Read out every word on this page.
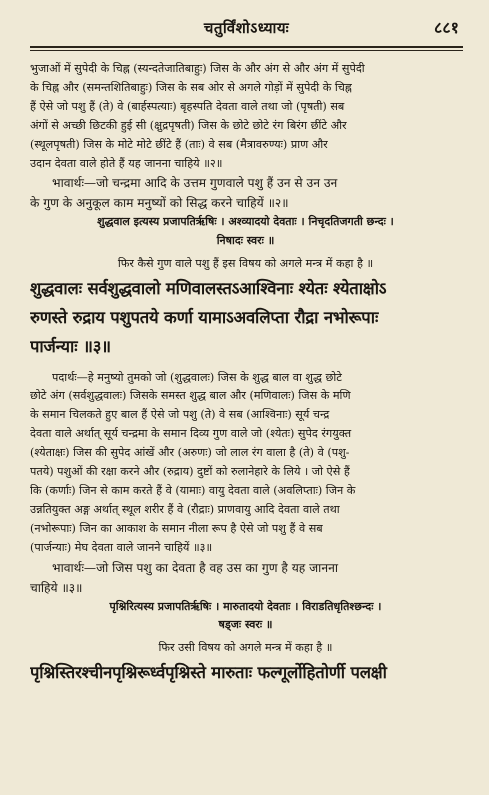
चतुर्विंशोऽध्यायः	८८१
भुजाओं में सुपेदी के चिह्न (स्यन्दतेजातिबाहुः) जिस के और अंग से और अंग में सुपेदी
के चिह्न और (समन्तशितिबाहुः) जिस के सब ओर से अगले गोड़ों में सुपेदी के चिह्न
हैं ऐसे जो पशु हैं (ते) वे (बार्हस्पत्याः) बृहस्पति देवता वाले तथा जो (पृषती) सब
अंगों से अच्छी छिटकी हुई सी (क्षुद्रपृषती) जिस के छोटे छोटे रंग बिरंग छींटे और
(स्थूलपृषती) जिस के मोटे मोटे छींटे हैं (ताः) वे सब (मैत्रावरुण्यः) प्राण और
उदान देवता वाले होते हैं यह जानना चाहिये ॥२॥
भावार्थः—जो चन्द्रमा आदि के उत्तम गुणवाले पशु हैं उन से उन उन
के गुण के अनुकूल काम मनुष्यों को सिद्ध करने चाहियें ॥२॥
शुद्धवाल इत्यस्य प्रजापतिर्ऋषिः । अश्व्यादयो देवताः । निचृदतिजगती छन्दः ।
निषादः स्वरः ॥
फिर कैसे गुण वाले पशु हैं इस विषय को अगले मन्त्र में कहा है ॥
शुद्धवालः सर्वशुद्धवालो मणिवालस्तऽआश्विनाः श्येतः श्येताक्षोऽ
रुणस्ते रुद्राय पशुपतये कर्णा यामाऽअवलिप्ता रौद्रा नभोरूपाः
पार्जन्याः ॥३॥
पदार्थः—हे मनुष्यो तुमको जो (शुद्धवालः) जिस के शुद्ध बाल वा शुद्ध छोटे
छोटे अंग (सर्वशुद्धवालः) जिसके समस्त शुद्ध बाल और (मणिवालः) जिस के मणि
के समान चिलकते हुए बाल हैं ऐसे जो पशु (ते) वे सब (आश्विनाः) सूर्य चन्द्र
देवता वाले अर्थात् सूर्य चन्द्रमा के समान दिव्य गुण वाले जो (श्येतः) सुपेद रंगयुक्त
(श्येताक्षः) जिस की सुपेद आंखें और (अरुणः) जो लाल रंग वाला है (ते) वे (पशु-
पतये) पशुओं की रक्षा करने और (रुद्राय) दुष्टों को रुलानेहारे के लिये । जो ऐसे हैं
कि (कर्णाः) जिन से काम करते हैं वे (यामाः) वायु देवता वाले (अवलिप्ताः) जिन के
उन्नतियुक्त अङ्ग अर्थात् स्थूल शरीर हैं वे (रौद्राः) प्राणवायु आदि देवता वाले तथा
(नभोरूपाः) जिन का आकाश के समान नीला रूप है ऐसे जो पशु हैं वे सब
(पार्जन्याः) मेघ देवता वाले जानने चाहियें ॥३॥
भावार्थः—जो जिस पशु का देवता है वह उस का गुण है यह जानना
चाहिये ॥३॥
पृश्निरित्यस्य प्रजापतिर्ऋषिः । मारुतादयो देवताः । विराडतिधृतिश्छन्दः ।
षड्जः स्वरः ॥
फिर उसी विषय को अगले मन्त्र में कहा है ॥
पृश्निस्तिरश्चीनपृश्निरूर्ध्वपृश्निस्ते मारुताः फल्गूर्लोहितोर्णी पलक्षी
